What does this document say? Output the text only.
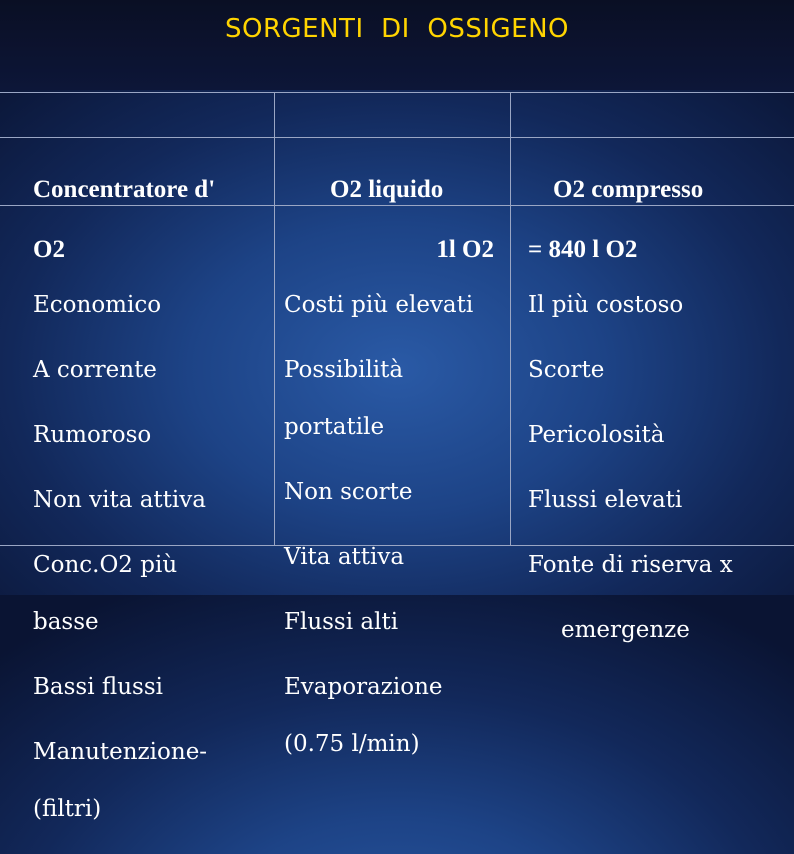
SORGENTI  DI  OSSIGENO

Concentratore d'

O2

O2 liquido

1l O2

O2 compresso

= 840 l O2

Economico

A corrente

Rumoroso

Non vita attiva

Conc.O2 più

basse

Bassi flussi

Manutenzione-

(filtri)

Costi più elevati

Possibilità

portatile

Non scorte

Vita attiva

Flussi alti

Evaporazione

(0.75 l/min)

Il più costoso

Scorte

Pericolosità

Flussi elevati

Fonte di riserva x

emergenze
